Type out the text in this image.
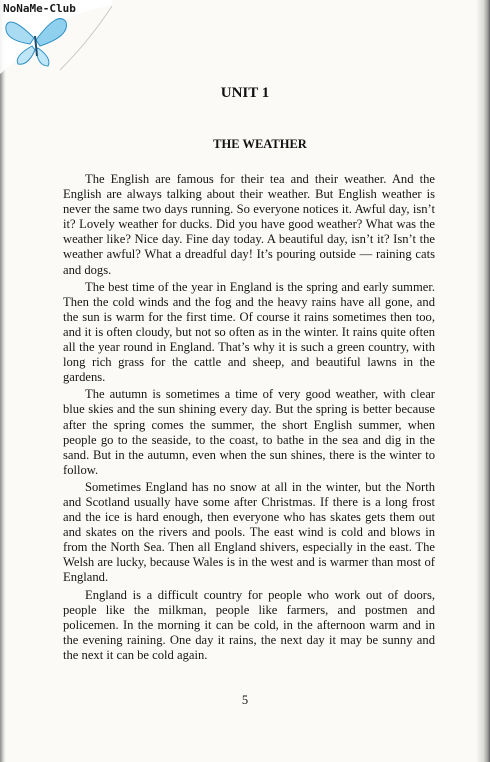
NoNaMe-Club
UNIT 1
THE WEATHER

The English are famous for their tea and their weather. And the English are always talking about their weather. But English weather is never the same two days running. So everyone notices it. Awful day, isn’t it? Lovely weather for ducks. Did you have good weather? What was the weather like? Nice day. Fine day today. A beautiful day, isn’t it? Isn’t the weather awful? What a dreadful day! It’s pouring outside — raining cats and dogs.

The best time of the year in England is the spring and early summer. Then the cold winds and the fog and the heavy rains have all gone, and the sun is warm for the first time. Of course it rains sometimes then too, and it is often cloudy, but not so often as in the winter. It rains quite often all the year round in England. That’s why it is such a green country, with long rich grass for the cattle and sheep, and beautiful lawns in the gardens.

The autumn is sometimes a time of very good weather, with clear blue skies and the sun shining every day. But the spring is better because after the spring comes the summer, the short English summer, when people go to the seaside, to the coast, to bathe in the sea and dig in the sand. But in the autumn, even when the sun shines, there is the winter to follow.

Sometimes England has no snow at all in the winter, but the North and Scotland usually have some after Christmas. If there is a long frost and the ice is hard enough, then everyone who has skates gets them out and skates on the rivers and pools. The east wind is cold and blows in from the North Sea. Then all England shivers, especially in the east. The Welsh are lucky, because Wales is in the west and is warmer than most of England.

England is a difficult country for people who work out of doors, people like the milkman, people like farmers, and postmen and policemen. In the morning it can be cold, in the afternoon warm and in the evening raining. One day it rains, the next day it may be sunny and the next it can be cold again.

5
